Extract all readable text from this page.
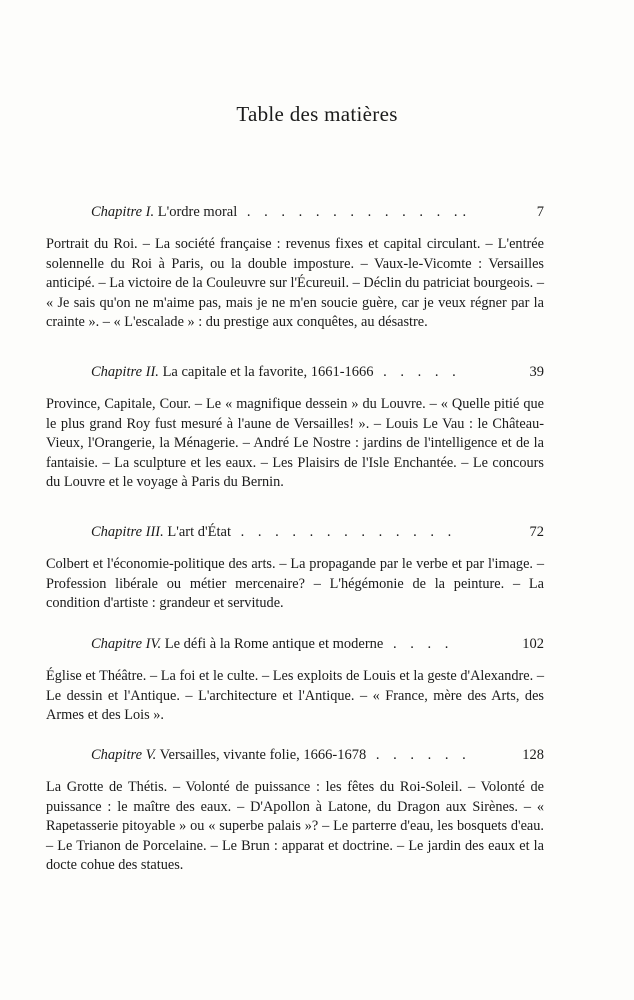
Table des matières
Chapitre I. L'ordre moral . . . . . . . . . . . . ..	7

Portrait du Roi. – La société française : revenus fixes et capital circulant. – L'entrée solennelle du Roi à Paris, ou la double imposture. – Vaux-le-Vicomte : Versailles anticipé. – La victoire de la Couleuvre sur l'Écureuil. – Déclin du patriciat bourgeois. – « Je sais qu'on ne m'aime pas, mais je ne m'en soucie guère, car je veux régner par la crainte ». – « L'escalade » : du prestige aux conquêtes, au désastre.

Chapitre II. La capitale et la favorite, 1661-1666 . . . . .	39

Province, Capitale, Cour. – Le « magnifique dessein » du Louvre. – « Quelle pitié que le plus grand Roy fust mesuré à l'aune de Versailles! ». – Louis Le Vau : le Château-Vieux, l'Orangerie, la Ménagerie. – André Le Nostre : jardins de l'intelligence et de la fantaisie. – La sculpture et les eaux. – Les Plaisirs de l'Isle Enchantée. – Le concours du Louvre et le voyage à Paris du Bernin.

Chapitre III. L'art d'État . . . . . . . . . . . . .	72

Colbert et l'économie-politique des arts. – La propagande par le verbe et par l'image. – Profession libérale ou métier mercenaire? – L'hégémonie de la peinture. – La condition d'artiste : grandeur et servitude.

Chapitre IV. Le défi à la Rome antique et moderne . . . .	102

Église et Théâtre. – La foi et le culte. – Les exploits de Louis et la geste d'Alexandre. – Le dessin et l'Antique. – L'architecture et l'Antique. – « France, mère des Arts, des Armes et des Lois ».

Chapitre V. Versailles, vivante folie, 1666-1678 . . . . . .	128

La Grotte de Thétis. – Volonté de puissance : les fêtes du Roi-Soleil. – Volonté de puissance : le maître des eaux. – D'Apollon à Latone, du Dragon aux Sirènes. – « Rapetasserie pitoyable » ou « superbe palais »? – Le parterre d'eau, les bosquets d'eau. – Le Trianon de Porcelaine. – Le Brun : apparat et doctrine. – Le jardin des eaux et la docte cohue des statues.
